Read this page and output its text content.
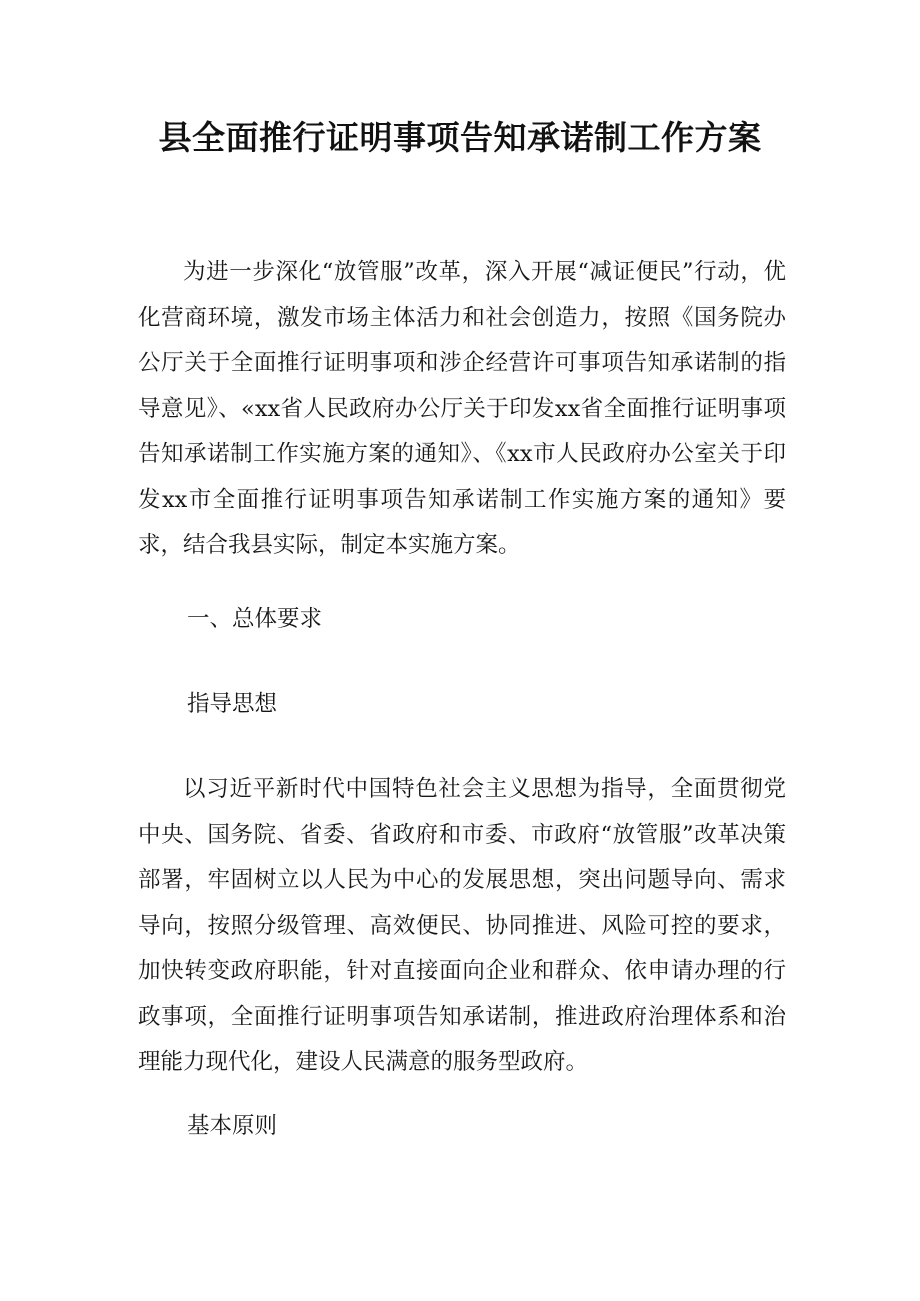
县全面推行证明事项告知承诺制工作方案

为进一步深化“放管服”改革，深入开展“减证便民”行动，优化营商环境，激发市场主体活力和社会创造力，按照《国务院办公厅关于全面推行证明事项和涉企经营许可事项告知承诺制的指导意见》、«xx省人民政府办公厅关于印发xx省全面推行证明事项告知承诺制工作实施方案的通知》、《xx市人民政府办公室关于印发xx市全面推行证明事项告知承诺制工作实施方案的通知》要求，结合我县实际，制定本实施方案。

一、总体要求

指导思想

以习近平新时代中国特色社会主义思想为指导，全面贯彻党中央、国务院、省委、省政府和市委、市政府“放管服”改革决策部署，牢固树立以人民为中心的发展思想，突出问题导向、需求导向，按照分级管理、高效便民、协同推进、风险可控的要求，加快转变政府职能，针对直接面向企业和群众、依申请办理的行政事项，全面推行证明事项告知承诺制，推进政府治理体系和治理能力现代化，建设人民满意的服务型政府。

基本原则
